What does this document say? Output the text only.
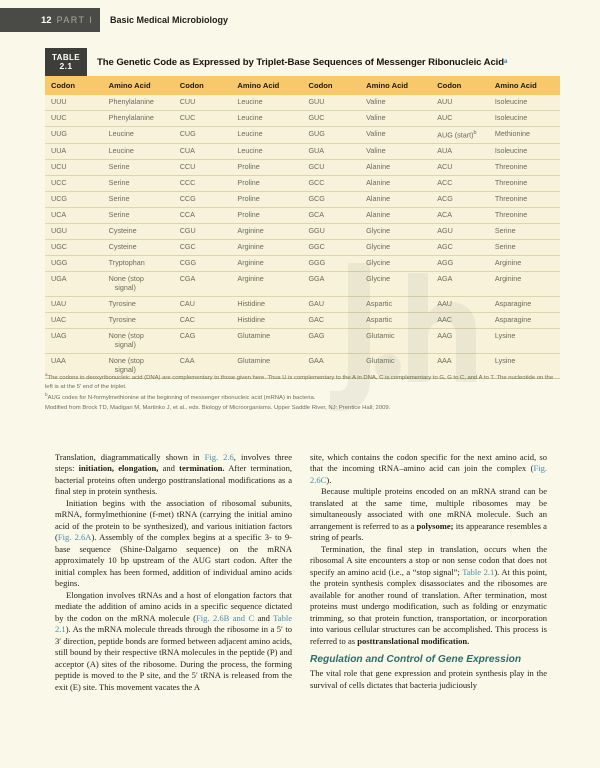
12 PART I Basic Medical Microbiology
TABLE
2.1	The Genetic Code as Expressed by Triplet-Base Sequences of Messenger Ribonucleic Acid a
Codon	Amino Acid	Codon	Amino Acid	Codon	Amino Acid	Codon	Amino Acid
UUU	Phenylalanine	CUU	Leucine	GUU	Valine	AUU	Isoleucine
UUC	Phenylalanine	CUC	Leucine	GUC	Valine	AUC	Isoleucine
UUG	Leucine	CUG	Leucine	GUG	Valine	AUG (start)$^b$	Methionine
UUA	Leucine	CUA	Leucine	GUA	Valine	AUA	Isoleucine
UCU	Serine	CCU	Proline	GCU	Alanine	ACU	Threonine
UCC	Serine	CCC	Proline	GCC	Alanine	ACC	Threonine
UCG	Serine	CCG	Proline	GCG	Alanine	ACG	Threonine
UCA	Serine	CCA	Proline	GCA	Alanine	ACA	Threonine
UGU	Cysteine	CGU	Arginine	GGU	Glycine	AGU	Serine
UGC	Cysteine	CGC	Arginine	GGC	Glycine	AGC	Serine
UGG	Tryptophan	CGG	Arginine	GGG	Glycine	AGG	Arginine
UGA	None (stop
signal)	CGA	Arginine	GGA	Glycine	AGA	Arginine
UAU	Tyrosine	CAU	Histidine	GAU	Aspartic	AAU	Asparagine
UAC	Tyrosine	CAC	Histidine	GAC	Aspartic	AAC	Asparagine
UAG	None (stop
signal)	CAG	Glutamine	GAG	Glutamic	AAG	Lysine
UAA	None (stop
signal)	CAA	Glutamine	GAA	Glutamic	AAA	Lysine

$^a$The codons in deoxyribonucleic acid (DNA) are complementary to those given here. Thus U is complementary to the A in DNA, C is complementary to G, G to C, and A to T. The nucleotide on the left is at the 5′ end of the triplet.

$^b$AUG codes for N-formylmethionine at the beginning of messenger ribonucleic acid (mRNA) in bacteria.

Modified from Brock TD, Madigan M, Martinko J, et al., eds. Biology of Microorganisms. Upper Saddle River, NJ: Prentice Hall; 2009.

Translation, diagrammatically shown in Fig. 2.6, involves three steps: initiation, elongation, and termination. After termination, bacterial proteins often undergo posttranslational modifications as a final step in protein synthesis.

Initiation begins with the association of ribosomal subunits, mRNA, formylmethionine (f-met) tRNA (carrying the initial amino acid of the protein to be synthesized), and various initiation factors (Fig. 2.6A). Assembly of the complex begins at a specific 3- to 9-base sequence (Shine-Dalgarno sequence) on the mRNA approximately 10 bp upstream of the AUG start codon. After the initial complex has been formed, addition of individual amino acids begins.

Elongation involves tRNAs and a host of elongation factors that mediate the addition of amino acids in a specific sequence dictated by the codon on the mRNA molecule (Fig. 2.6B and C and Table 2.1). As the mRNA molecule threads through the ribosome in a 5′ to 3′ direction, peptide bonds are formed between adjacent amino acids, still bound by their respective tRNA molecules in the peptide (P) and acceptor (A) sites of the ribosome. During the process, the forming peptide is moved to the P site, and the 5′ tRNA is released from the exit (E) site. This movement vacates the A

site, which contains the codon specific for the next amino acid, so that the incoming tRNA–amino acid can join the complex (Fig. 2.6C).

Because multiple proteins encoded on an mRNA strand can be translated at the same time, multiple ribosomes may be simultaneously associated with one mRNA molecule. Such an arrangement is referred to as a polysome; its appearance resembles a string of pearls.

Termination, the final step in translation, occurs when the ribosomal A site encounters a stop or non sense codon that does not specify an amino acid (i.e., a “stop signal”; Table 2.1). At this point, the protein synthesis complex disassociates and the ribosomes are available for another round of translation. After termination, most proteins must undergo modification, such as folding or enzymatic trimming, so that protein function, transportation, or incorporation into various cellular structures can be accomplished. This process is referred to as posttranslational modification.

Regulation and Control of Gene Expression

The vital role that gene expression and protein synthesis play in the survival of cells dictates that bacteria judiciously
